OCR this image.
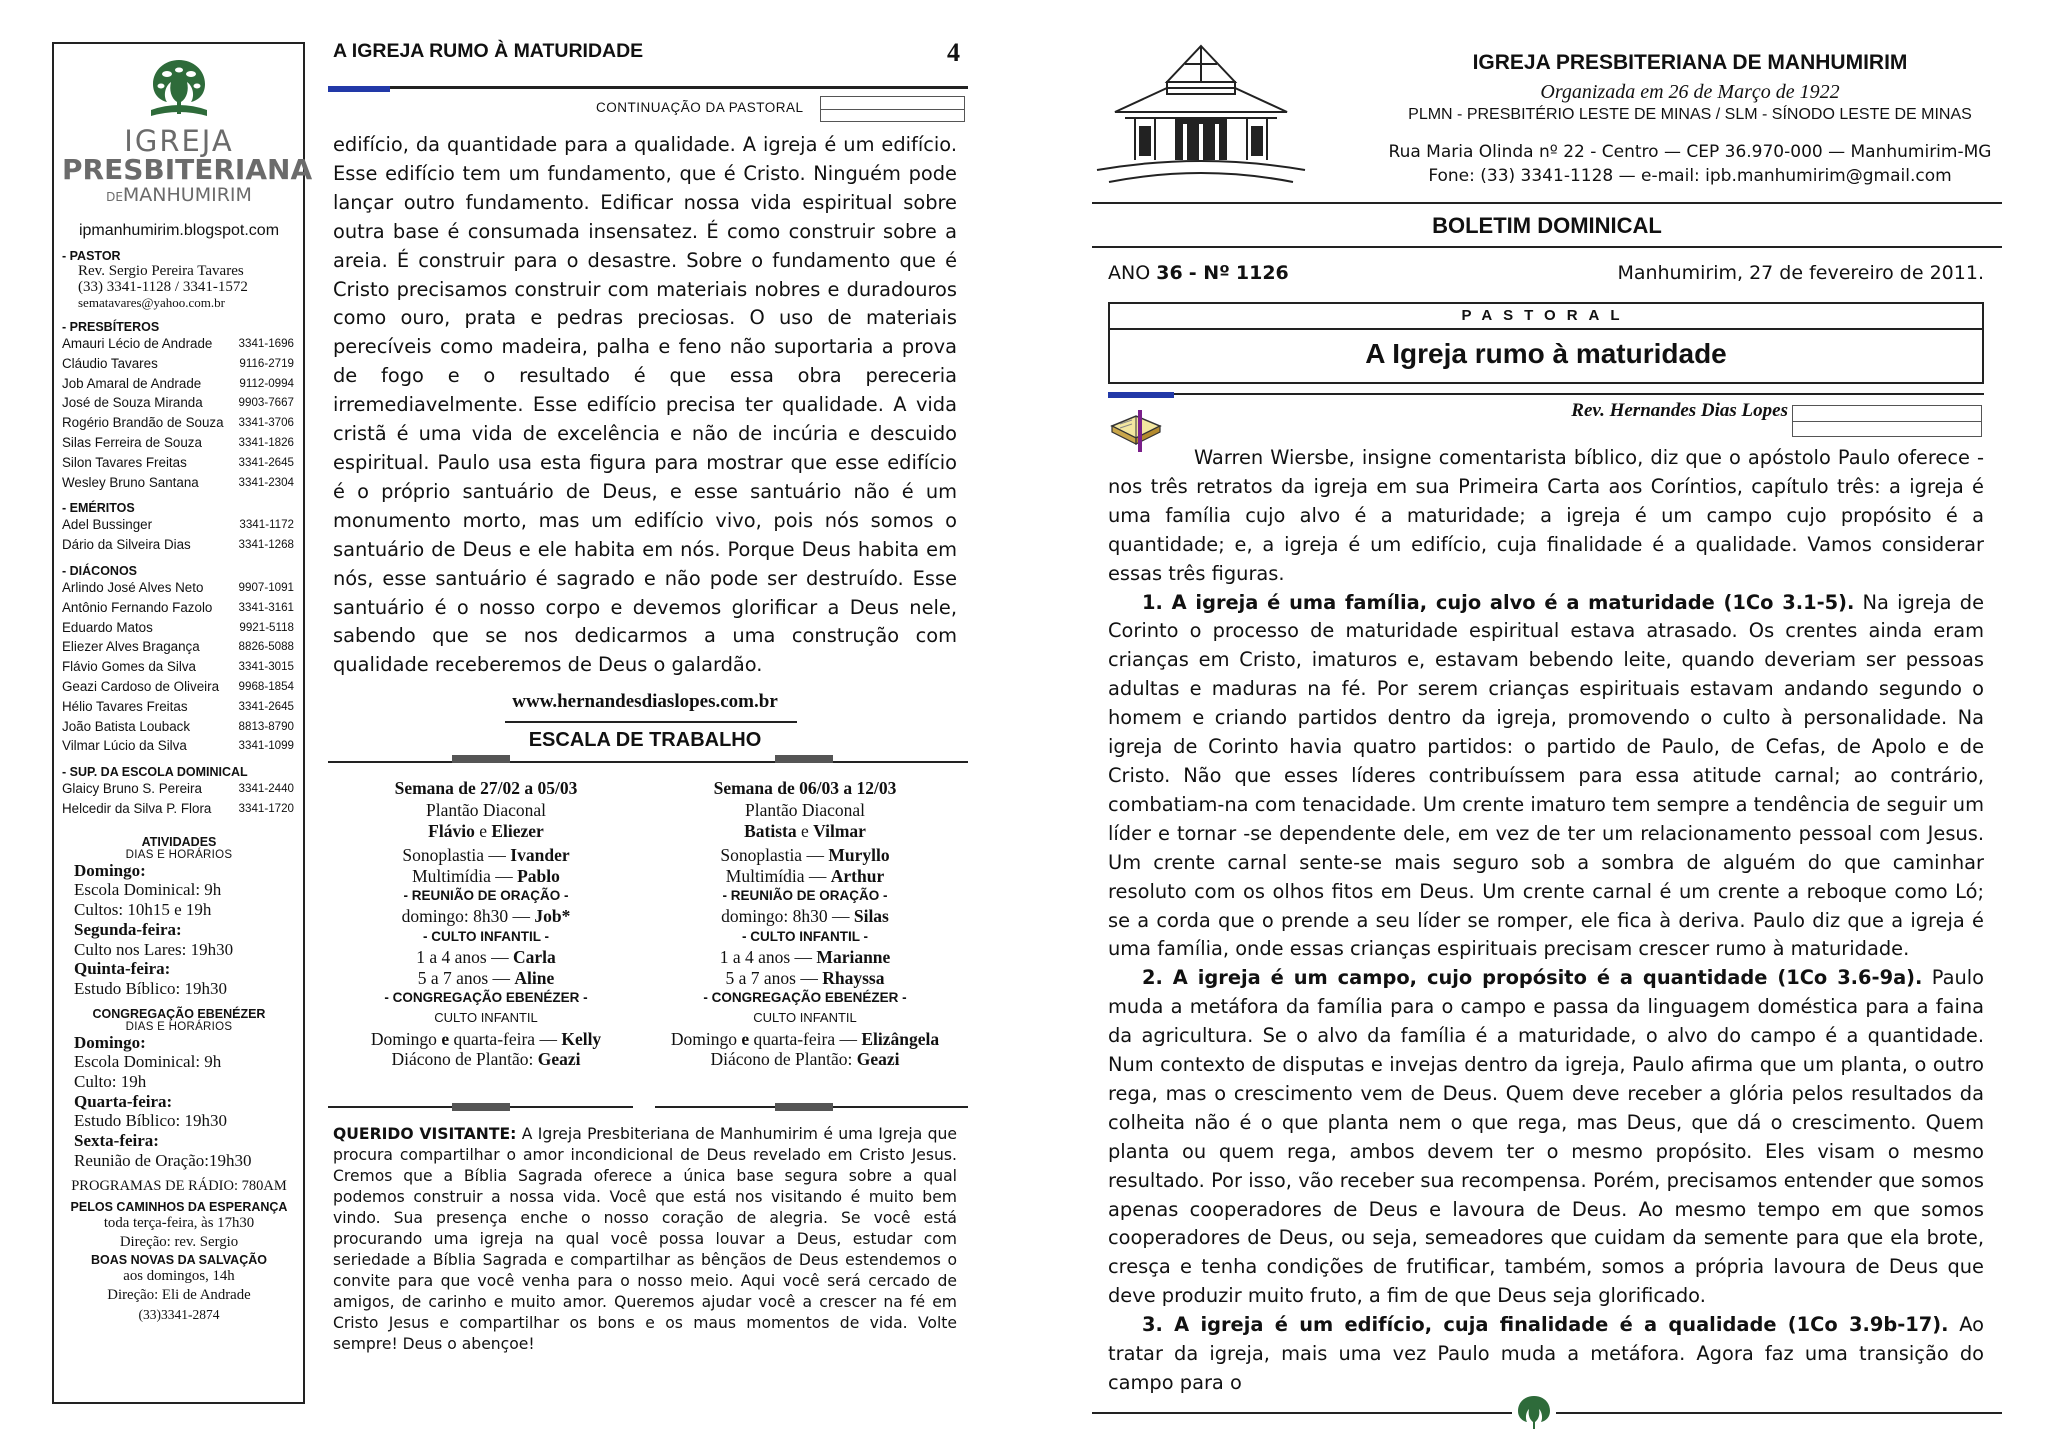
IGREJA
PRESBITERIANA
DEMANHUMIRIM
ipmanhumirim.blogspot.com
- PASTOR
Rev. Sergio Pereira Tavares
(33) 3341-1128 / 3341-1572
sematavares@yahoo.com.br
- PRESBÍTEROS
Amauri Lécio de Andrade 3341-1696
Cláudio Tavares	9116-2719
Job Amaral de Andrade	9112-0994
José de Souza Miranda	9903-7667
Rogério Brandão de Souza 3341-3706
Silas Ferreira de Souza	3341-1826
Silon Tavares Freitas	3341-2645
Wesley Bruno Santana	3341-2304
- EMÉRITOS
Adel Bussinger	3341-1172
Dário da Silveira Dias	3341-1268
- DIÁCONOS
Arlindo José Alves Neto	9907-1091
Antônio Fernando Fazolo 3341-3161
Eduardo Matos	9921-5118
Eliezer Alves Bragança	8826-5088
Flávio Gomes da Silva	3341-3015
Geazi Cardoso de Oliveira 9968-1854
Hélio Tavares Freitas	3341-2645
João Batista Louback	8813-8790
Vilmar Lúcio da Silva	3341-1099
- SUP. DA ESCOLA DOMINICAL
Glaicy Bruno S. Pereira	3341-2440
Helcedir da Silva P. Flora 3341-1720
ATIVIDADES
DIAS E HORÁRIOS
Domingo:
Escola Dominical: 9h
Cultos: 10h15 e 19h
Segunda-feira:
Culto nos Lares: 19h30
Quinta-feira:
Estudo Bíblico: 19h30
CONGREGAÇÃO EBENÉZER
DIAS E HORÁRIOS
Domingo:
Escola Dominical: 9h
Culto: 19h
Quarta-feira:
Estudo Bíblico: 19h30
Sexta-feira:
Reunião de Oração:19h30
PROGRAMAS DE RÁDIO: 780AM
PELOS CAMINHOS DA ESPERANÇA
toda terça-feira, às 17h30
Direção: rev. Sergio
BOAS NOVAS DA SALVAÇÃO
aos domingos, 14h
Direção: Eli de Andrade
(33)3341-2874
A IGREJA RUMO À MATURIDADE	4
CONTINUAÇÃO DA PASTORAL
edifício, da quantidade para a qualidade. A igreja é um edifício. Esse edifício tem um fundamento, que é Cristo. Ninguém pode lançar outro fundamento. Edificar nossa vida espiritual sobre outra base é consumada insensatez. É como construir sobre a areia. É construir para o desastre. Sobre o fundamento que é Cristo precisamos construir com materiais nobres e duradouros como ouro, prata e pedras preciosas. O uso de materiais perecíveis como madeira, palha e feno não suportaria a prova de fogo e o resultado é que essa obra pereceria irremediavelmente. Esse edifício precisa ter qualidade. A vida cristã é uma vida de excelência e não de incúria e descuido espiritual. Paulo usa esta figura para mostrar que esse edifício é o próprio santuário de Deus, e esse santuário não é um monumento morto, mas um edifício vivo, pois nós somos o santuário de Deus e ele habita em nós. Porque Deus habita em nós, esse santuário é sagrado e não pode ser destruído. Esse santuário é o nosso corpo e devemos glorificar a Deus nele, sabendo que se nos dedicarmos a uma construção com qualidade receberemos de Deus o galardão.
www.hernandesdiaslopes.com.br
ESCALA DE TRABALHO
Semana de 27/02 a 05/03
Plantão Diaconal
Flávio e Eliezer
Sonoplastia — Ivander
Multimídia — Pablo
- REUNIÃO DE ORAÇÃO -
domingo: 8h30 — Job*
- CULTO INFANTIL -
1 a 4 anos — Carla
5 a 7 anos — Aline
- CONGREGAÇÃO EBENÉZER -
CULTO INFANTIL
Domingo e quarta-feira — Kelly
Diácono de Plantão: Geazi
Semana de 06/03 a 12/03
Plantão Diaconal
Batista e Vilmar
Sonoplastia — Muryllo
Multimídia — Arthur
- REUNIÃO DE ORAÇÃO -
domingo: 8h30 — Silas
- CULTO INFANTIL -
1 a 4 anos — Marianne
5 a 7 anos — Rhayssa
- CONGREGAÇÃO EBENÉZER -
CULTO INFANTIL
Domingo e quarta-feira — Elizângela
Diácono de Plantão: Geazi
QUERIDO VISITANTE: A Igreja Presbiteriana de Manhumirim é uma Igreja que procura compartilhar o amor incondicional de Deus revelado em Cristo Jesus. Cremos que a Bíblia Sagrada oferece a única base segura sobre a qual podemos construir a nossa vida. Você que está nos visitando é muito bem vindo. Sua presença enche o nosso coração de alegria. Se você está procurando uma igreja na qual você possa louvar a Deus, estudar com seriedade a Bíblia Sagrada e compartilhar as bênçãos de Deus estendemos o convite para que você venha para o nosso meio. Aqui você será cercado de amigos, de carinho e muito amor. Queremos ajudar você a crescer na fé em Cristo Jesus e compartilhar os bons e os maus momentos de vida. Volte sempre! Deus o abençoe!
IGREJA PRESBITERIANA DE MANHUMIRIM
Organizada em 26 de Março de 1922
PLMN - PRESBITÉRIO LESTE DE MINAS / SLM - SÍNODO LESTE DE MINAS
Rua Maria Olinda nº 22 - Centro — CEP 36.970-000 — Manhumirim-MG
Fone: (33) 3341-1128 — e-mail: ipb.manhumirim@gmail.com
BOLETIM DOMINICAL
ANO 36 - Nº 1126	Manhumirim, 27 de fevereiro de 2011.
PASTORAL
A Igreja rumo à maturidade
Rev. Hernandes Dias Lopes

Warren Wiersbe, insigne comentarista bíblico, diz que o apóstolo Paulo oferece -nos três retratos da igreja em sua Primeira Carta aos Coríntios, capítulo três: a igreja é uma família cujo alvo é a maturidade; a igreja é um campo cujo propósito é a quantidade; e, a igreja é um edifício, cuja finalidade é a qualidade. Vamos considerar essas três figuras.

1. A igreja é uma família, cujo alvo é a maturidade (1Co 3.1-5). Na igreja de Corinto o processo de maturidade espiritual estava atrasado. Os crentes ainda eram crianças em Cristo, imaturos e, estavam bebendo leite, quando deveriam ser pessoas adultas e maduras na fé. Por serem crianças espirituais estavam andando segundo o homem e criando partidos dentro da igreja, promovendo o culto à personalidade. Na igreja de Corinto havia quatro partidos: o partido de Paulo, de Cefas, de Apolo e de Cristo. Não que esses líderes contribuíssem para essa atitude carnal; ao contrário, combatiam-na com tenacidade. Um crente imaturo tem sempre a tendência de seguir um líder e tornar -se dependente dele, em vez de ter um relacionamento pessoal com Jesus. Um crente carnal sente-se mais seguro sob a sombra de alguém do que caminhar resoluto com os olhos fitos em Deus. Um crente carnal é um crente a reboque como Ló; se a corda que o prende a seu líder se romper, ele fica à deriva. Paulo diz que a igreja é uma família, onde essas crianças espirituais precisam crescer rumo à maturidade.

2. A igreja é um campo, cujo propósito é a quantidade (1Co 3.6-9a). Paulo muda a metáfora da família para o campo e passa da linguagem doméstica para a faina da agricultura. Se o alvo da família é a maturidade, o alvo do campo é a quantidade. Num contexto de disputas e invejas dentro da igreja, Paulo afirma que um planta, o outro rega, mas o crescimento vem de Deus. Quem deve receber a glória pelos resultados da colheita não é o que planta nem o que rega, mas Deus, que dá o crescimento. Quem planta ou quem rega, ambos devem ter o mesmo propósito. Eles visam o mesmo resultado. Por isso, vão receber sua recompensa. Porém, precisamos entender que somos apenas cooperadores de Deus e lavoura de Deus. Ao mesmo tempo em que somos cooperadores de Deus, ou seja, semeadores que cuidam da semente para que ela brote, cresça e tenha condições de frutificar, também, somos a própria lavoura de Deus que deve produzir muito fruto, a fim de que Deus seja glorificado.

3. A igreja é um edifício, cuja finalidade é a qualidade (1Co 3.9b-17). Ao tratar da igreja, mais uma vez Paulo muda a metáfora. Agora faz uma transição do campo para o
